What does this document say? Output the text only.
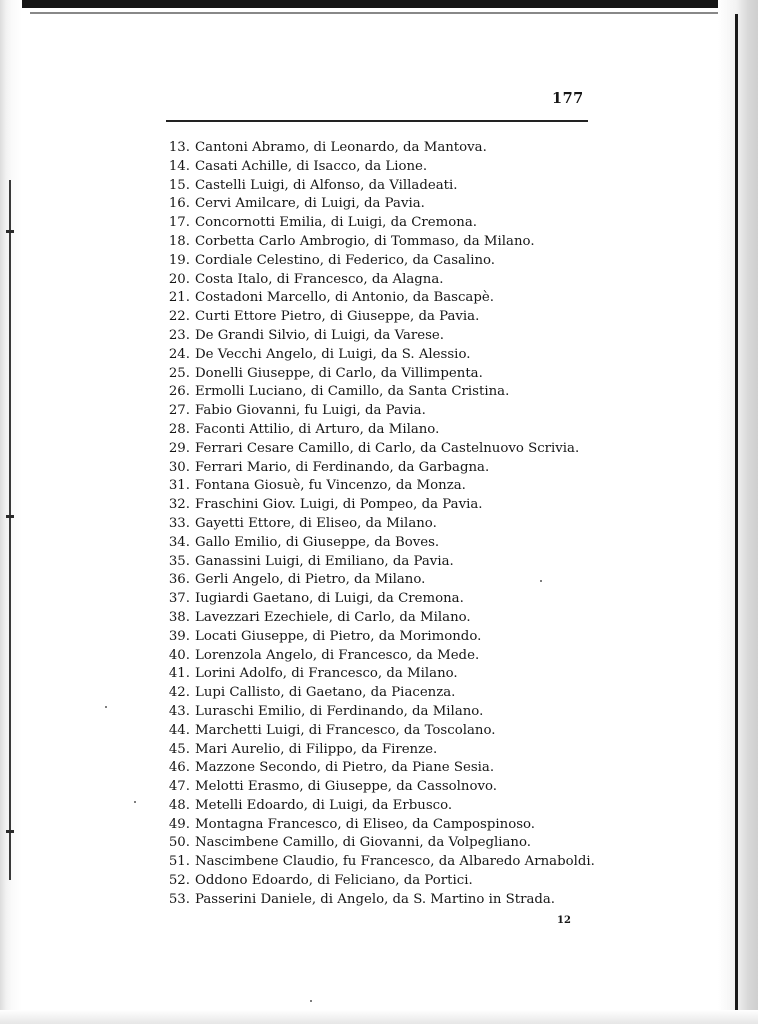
177
13. Cantoni Abramo, di Leonardo, da Mantova.
14. Casati Achille, di Isacco, da Lione.
15. Castelli Luigi, di Alfonso, da Villadeati.
16. Cervi Amilcare, di Luigi, da Pavia.
17. Concornotti Emilia, di Luigi, da Cremona.
18. Corbetta Carlo Ambrogio, di Tommaso, da Milano.
19. Cordiale Celestino, di Federico, da Casalino.
20. Costa Italo, di Francesco, da Alagna.
21. Costadoni Marcello, di Antonio, da Bascapè.
22. Curti Ettore Pietro, di Giuseppe, da Pavia.
23. De Grandi Silvio, di Luigi, da Varese.
24. De Vecchi Angelo, di Luigi, da S. Alessio.
25. Donelli Giuseppe, di Carlo, da Villimpenta.
26. Ermolli Luciano, di Camillo, da Santa Cristina.
27. Fabio Giovanni, fu Luigi, da Pavia.
28. Faconti Attilio, di Arturo, da Milano.
29. Ferrari Cesare Camillo, di Carlo, da Castelnuovo Scrivia.
30. Ferrari Mario, di Ferdinando, da Garbagna.
31. Fontana Giosuè, fu Vincenzo, da Monza.
32. Fraschini Giov. Luigi, di Pompeo, da Pavia.
33. Gayetti Ettore, di Eliseo, da Milano.
34. Gallo Emilio, di Giuseppe, da Boves.
35. Ganassini Luigi, di Emiliano, da Pavia.
36. Gerli Angelo, di Pietro, da Milano.
37. Iugiardi Gaetano, di Luigi, da Cremona.
38. Lavezzari Ezechiele, di Carlo, da Milano.
39. Locati Giuseppe, di Pietro, da Morimondo.
40. Lorenzola Angelo, di Francesco, da Mede.
41. Lorini Adolfo, di Francesco, da Milano.
42. Lupi Callisto, di Gaetano, da Piacenza.
43. Luraschi Emilio, di Ferdinando, da Milano.
44. Marchetti Luigi, di Francesco, da Toscolano.
45. Mari Aurelio, di Filippo, da Firenze.
46. Mazzone Secondo, di Pietro, da Piane Sesia.
47. Melotti Erasmo, di Giuseppe, da Cassolnovo.
48. Metelli Edoardo, di Luigi, da Erbusco.
49. Montagna Francesco, di Eliseo, da Campospinoso.
50. Nascimbene Camillo, di Giovanni, da Volpegliano.
51. Nascimbene Claudio, fu Francesco, da Albaredo Arnaboldi.
52. Oddono Edoardo, di Feliciano, da Portici.
53. Passerini Daniele, di Angelo, da S. Martino in Strada.
12
